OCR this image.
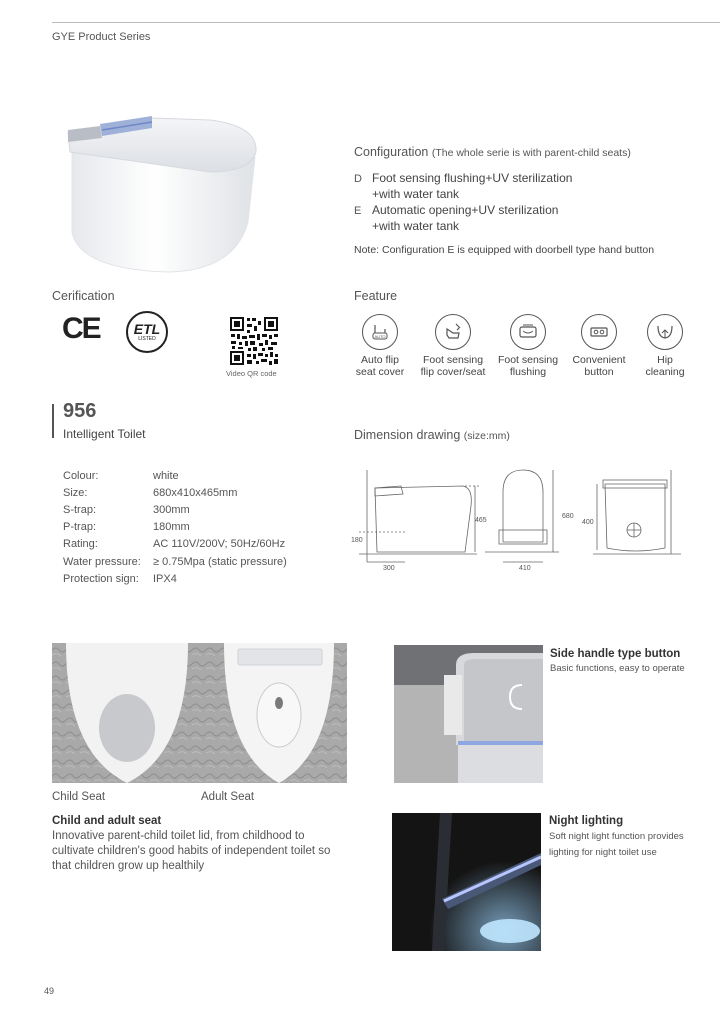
GYE Product Series
Configuration (The whole serie is with parent-child seats)
D Foot sensing flushing+UV sterilization
+with water tank
E Automatic opening+UV sterilization
+with water tank
Note: Configuration E is equipped with doorbell type hand button
Cerification
CE ETL
LISTED
Video QR code
Feature
AUTO
Auto flip
seat cover
Foot sensing
flip cover/seat
Foot sensing
flushing
Convenient
button
Hip
cleaning
956
Intelligent Toilet
Colour:	white
Size:	680x410x465mm
S-trap:	300mm
P-trap:	180mm
Rating:	AC 110V/200V; 50Hz/60Hz
Water pressure:	≥ 0.75Mpa (static pressure)
Protection sign:	IPX4
Dimension drawing (size:mm)
465
180
300
680
410
400
Child Seat	Adult Seat
Child and adult seat
Innovative parent-child toilet lid, from childhood to cultivate children's good habits of independent toilet so that children grow up healthily
Side handle type button
Basic functions, easy to operate
Night lighting
Soft night light function provides lighting for night toilet use
49
